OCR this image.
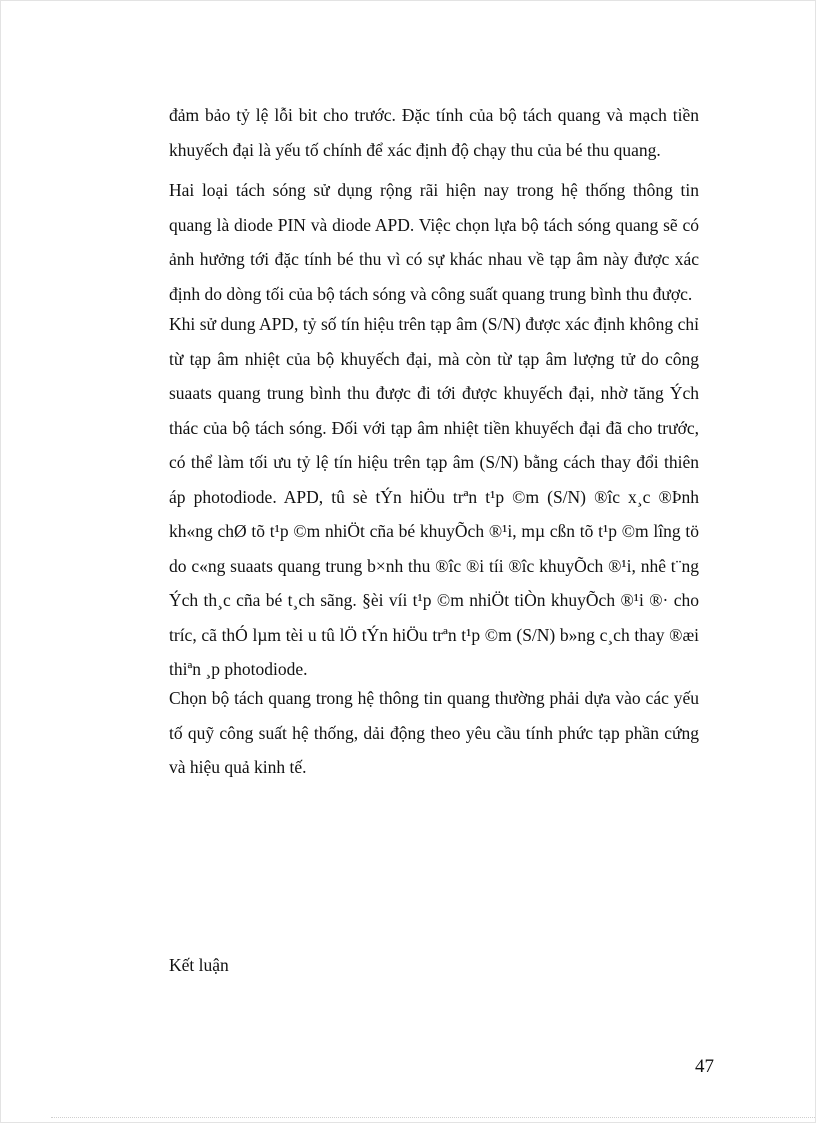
đảm bảo tỷ lệ lỗi bit cho trước. Đặc tính của bộ tách quang và mạch tiền khuyếch đại là yếu tố chính để xác định độ chạy thu của bé thu quang.

Hai loại tách sóng sử dụng rộng rãi hiện nay trong hệ thống thông tin quang là diode PIN và diode APD. Việc chọn lựa bộ tách sóng quang sẽ có ảnh hưởng tới đặc tính bé thu vì có sự khác nhau về tạp âm này được xác định do dòng tối của bộ tách sóng và công suất quang trung bình thu được.

Khi sử dung APD, tỷ số tín hiệu trên tạp âm (S/N) được xác định không chỉ từ tạp âm nhiệt của bộ khuyếch đại, mà còn từ tạp âm lượng tử do công suaats quang trung bình thu được đi tới được khuyếch đại, nhờ tăng Ých thác của bộ tách sóng. Đối với tạp âm nhiệt tiền khuyếch đại đã cho trước, có thể làm tối ưu tỷ lệ tín hiệu trên tạp âm (S/N) bằng cách thay đổi thiên áp photodiode. APD, tû sè tÝn hiÖu trªn t¹p ©m (S/N) ®îc x¸c ®Þnh kh«ng chØ tõ t¹p ©m nhiÖt cña bé khuyÕch ®¹i, mµ cßn tõ t¹p ©m lîng tö do c«ng suaats quang trung b×nh thu ®îc ®i tíi ®îc khuyÕch ®¹i, nhê t¨ng Ých th¸c cña bé t¸ch sãng. §èi víi t¹p ©m nhiÖt tiÒn khuyÕch ®¹i ®· cho tríc, cã thÓ lµm tèi u tû lÖ tÝn hiÖu trªn t¹p ©m (S/N) b»ng c¸ch thay ®æi thiªn ¸p photodiode.

Chọn bộ tách quang trong hệ thông tin quang thường phải dựa vào các yếu tố quỹ công suất hệ thống, dải động theo yêu cầu tính phức tạp phần cứng và hiệu quả kinh tế.

Kết luận

47
